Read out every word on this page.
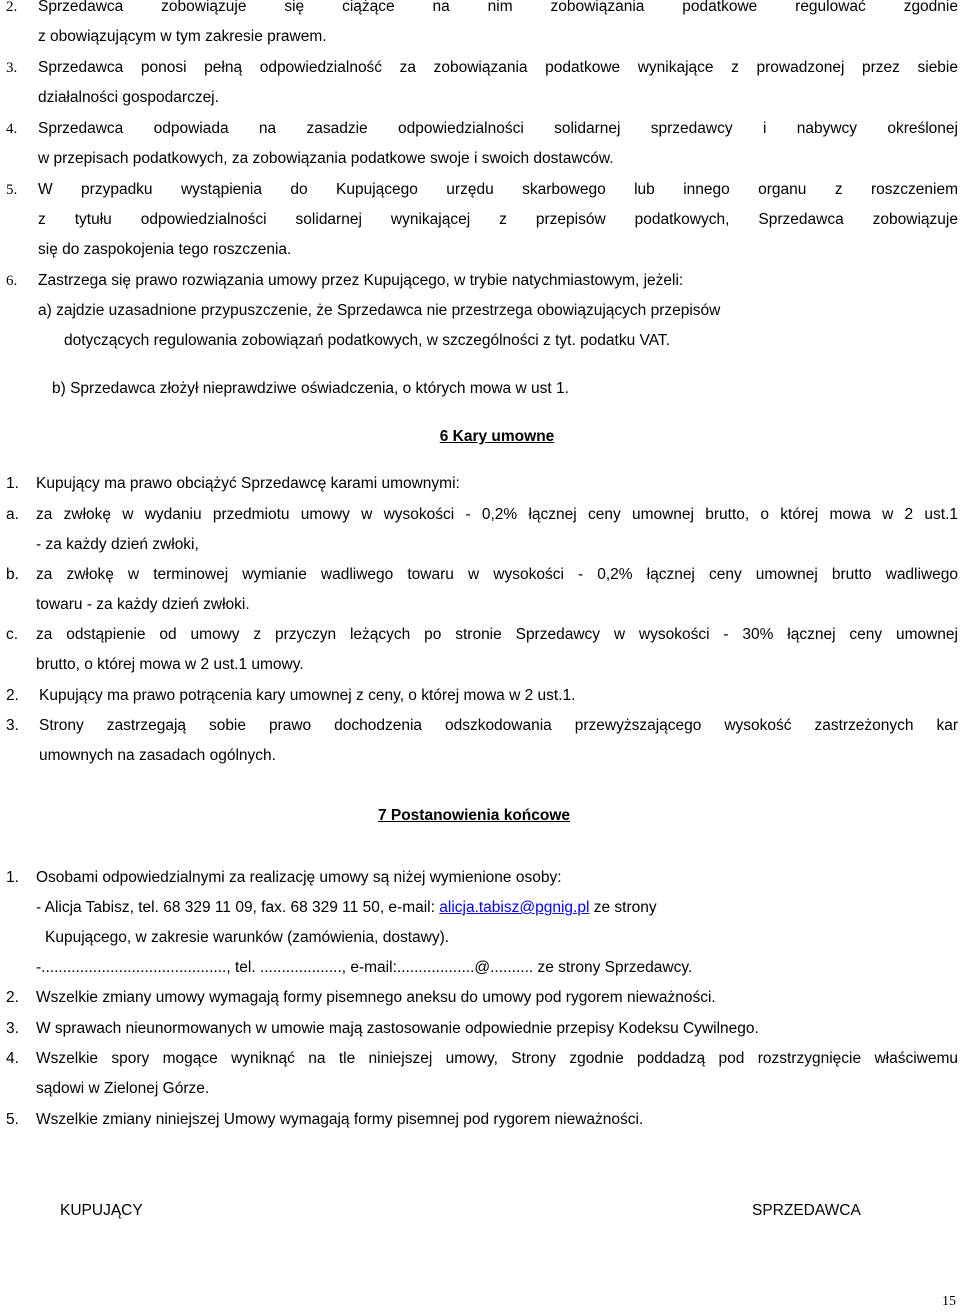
2. Sprzedawca zobowiązuje się ciążące na nim zobowiązania podatkowe regulować zgodnie
z obowiązującym w tym zakresie prawem.
3. Sprzedawca ponosi pełną odpowiedzialność za zobowiązania podatkowe wynikające z prowadzonej przez siebie
działalności gospodarczej.
4. Sprzedawca odpowiada na zasadzie odpowiedzialności solidarnej sprzedawcy i nabywcy określonej
w przepisach podatkowych, za zobowiązania podatkowe swoje i swoich dostawców.
5. W przypadku wystąpienia do Kupującego urzędu skarbowego lub innego organu z roszczeniem
z tytułu odpowiedzialności solidarnej wynikającej z przepisów podatkowych, Sprzedawca zobowiązuje
się do zaspokojenia tego roszczenia.
6. Zastrzega się prawo rozwiązania umowy przez Kupującego, w trybie natychmiastowym, jeżeli:
a) zajdzie uzasadnione przypuszczenie, że Sprzedawca nie przestrzega obowiązujących przepisów
dotyczących regulowania zobowiązań podatkowych, w szczególności z tyt. podatku VAT.
b) Sprzedawca złożył nieprawdziwe oświadczenia, o których mowa w ust 1.
6 Kary umowne
1. Kupujący ma prawo obciążyć Sprzedawcę karami umownymi:
a. za zwłokę w wydaniu przedmiotu umowy w wysokości - 0,2% łącznej ceny umownej brutto, o której mowa w 2 ust.1
- za każdy dzień zwłoki,
b. za zwłokę w terminowej wymianie wadliwego towaru w wysokości - 0,2% łącznej ceny umownej brutto wadliwego
towaru - za każdy dzień zwłoki.
c. za odstąpienie od umowy z przyczyn leżących po stronie Sprzedawcy w wysokości - 30% łącznej ceny umownej
brutto, o której mowa w 2 ust.1 umowy.
2. Kupujący ma prawo potrącenia kary umownej z ceny, o której mowa w 2 ust.1.
3. Strony zastrzegają sobie prawo dochodzenia odszkodowania przewyższającego wysokość zastrzeżonych kar
umownych na zasadach ogólnych.
7 Postanowienia końcowe
1. Osobami odpowiedzialnymi za realizację umowy są niżej wymienione osoby:
- Alicja Tabisz, tel. 68 329 11 09, fax. 68 329 11 50, e-mail: alicja.tabisz@pgnig.pl ze strony
Kupującego, w zakresie warunków (zamówienia, dostawy).
-..........................................., tel. ..................., e-mail:..................@.......... ze strony Sprzedawcy.
2. Wszelkie zmiany umowy wymagają formy pisemnego aneksu do umowy pod rygorem nieważności.
3. W sprawach nieunormowanych w umowie mają zastosowanie odpowiednie przepisy Kodeksu Cywilnego.
4. Wszelkie spory mogące wyniknąć na tle niniejszej umowy, Strony zgodnie poddadzą pod rozstrzygnięcie właściwemu
sądowi w Zielonej Górze.
5. Wszelkie zmiany niniejszej Umowy wymagają formy pisemnej pod rygorem nieważności.
KUPUJĄCY	SPRZEDAWCA
15
